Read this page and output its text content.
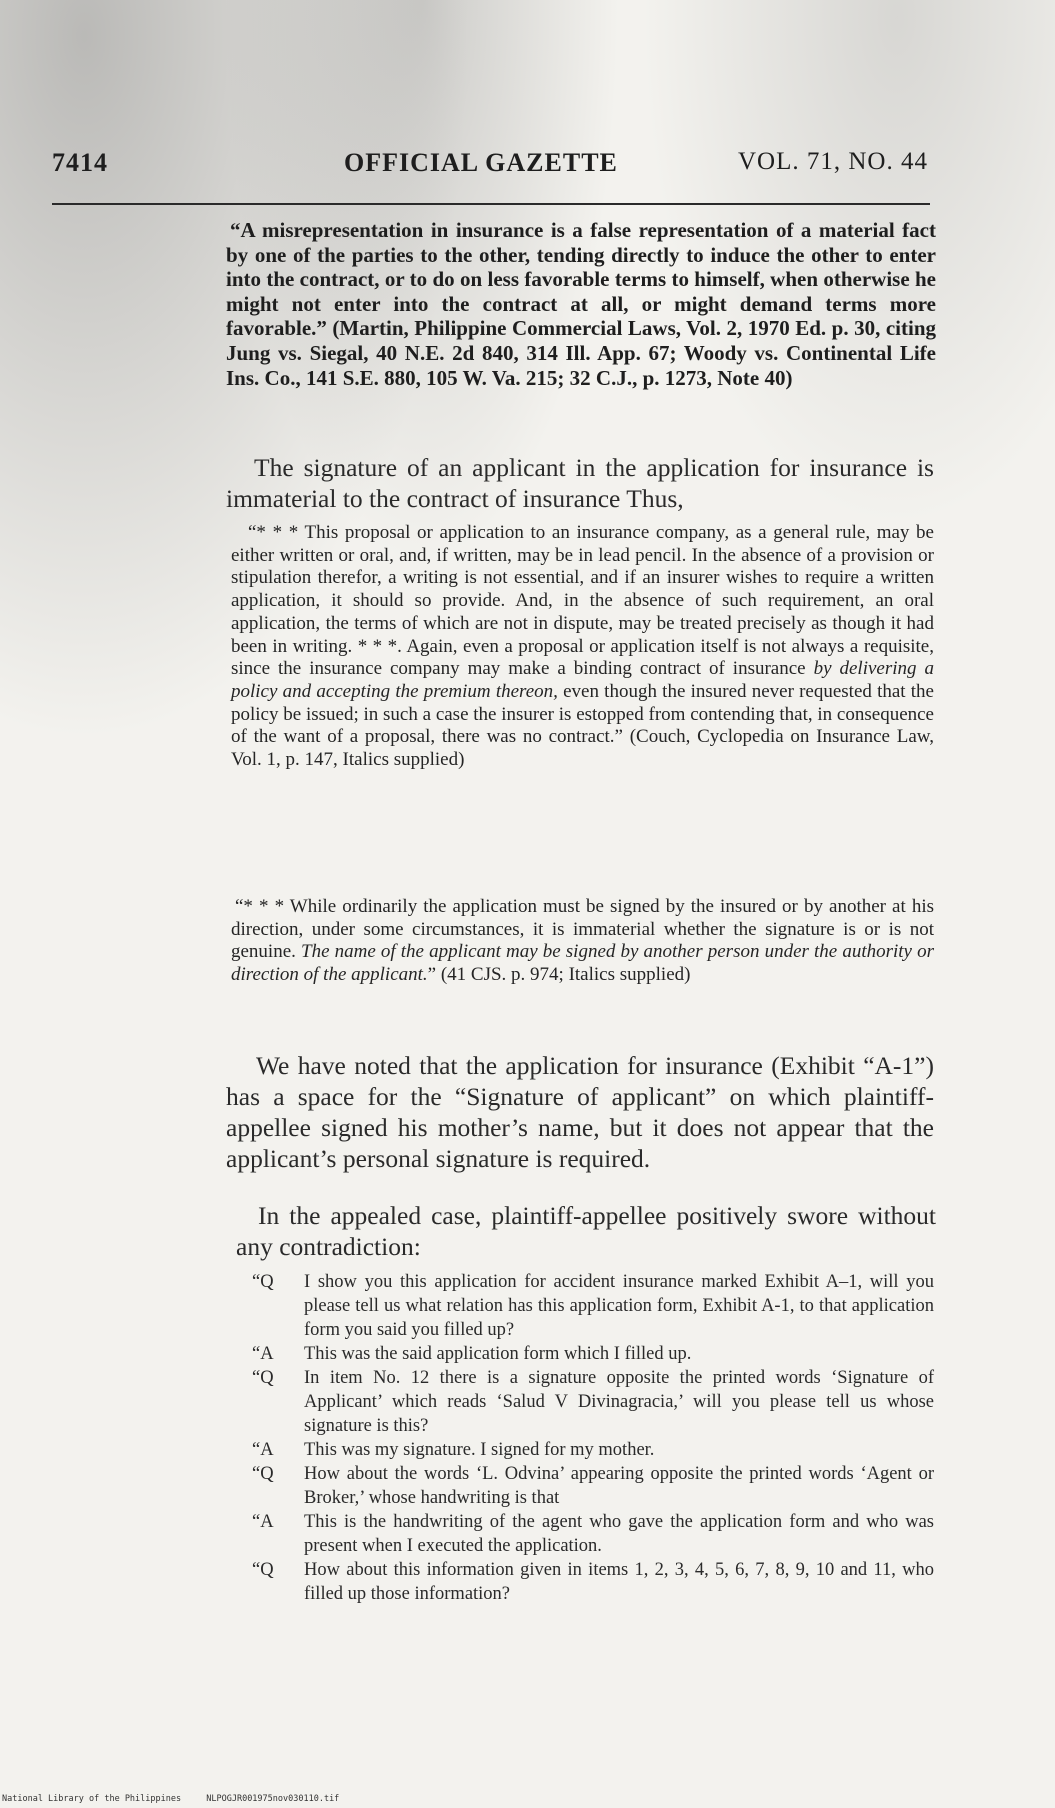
7414	OFFICIAL GAZETTE	VOL. 71, NO. 44
“A misrepresentation in insurance is a false representation of a material fact by one of the parties to the other, tending directly to induce the other to enter into the contract, or to do on less favorable terms to himself, when otherwise he might not enter into the contract at all, or might demand terms more favorable.” (Martin, Philippine Commercial Laws, Vol. 2, 1970 Ed. p. 30, citing Jung vs. Siegal, 40 N.E. 2d 840, 314 Ill. App. 67; Woody vs. Continental Life Ins. Co., 141 S.E. 880, 105 W. Va. 215; 32 C.J., p. 1273, Note 40)
The signature of an applicant in the application for insurance is immaterial to the contract of insurance Thus,
“* * * This proposal or application to an insurance company, as a general rule, may be either written or oral, and, if written, may be in lead pencil. In the absence of a provision or stipulation therefor, a writing is not essential, and if an insurer wishes to require a written application, it should so provide. And, in the absence of such requirement, an oral application, the terms of which are not in dispute, may be treated precisely as though it had been in writing. * * *. Again, even a proposal or application itself is not always a requisite, since the insurance company may make a binding contract of insurance by delivering a policy and accepting the premium thereon, even though the insured never requested that the policy be issued; in such a case the insurer is estopped from contending that, in consequence of the want of a proposal, there was no contract.” (Couch, Cyclopedia on Insurance Law, Vol. 1, p. 147, Italics supplied)
“* * * While ordinarily the application must be signed by the insured or by another at his direction, under some circumstances, it is immaterial whether the signature is or is not genuine. The name of the applicant may be signed by another person under the authority or direction of the applicant.” (41 CJS. p. 974; Italics supplied)
We have noted that the application for insurance (Exhibit “A-1”) has a space for the “Signature of applicant” on which plaintiff-appellee signed his mother’s name, but it does not appear that the applicant’s personal signature is required.
In the appealed case, plaintiff-appellee positively swore without any contradiction:
“Q	I show you this application for accident insurance marked Exhibit A–1, will you please tell us what relation has this application form, Exhibit A-1, to that application form you said you filled up?
“A	This was the said application form which I filled up.
“Q	In item No. 12 there is a signature opposite the printed words ‘Signature of Applicant’ which reads ‘Salud V Divinagracia,’ will you please tell us whose signature is this?
“A	This was my signature. I signed for my mother.
“Q	How about the words ‘L. Odvina’ appearing opposite the printed words ‘Agent or Broker,’ whose handwriting is that
“A	This is the handwriting of the agent who gave the application form and who was present when I executed the application.
“Q	How about this information given in items 1, 2, 3, 4, 5, 6, 7, 8, 9, 10 and 11, who filled up those information?
National Library of the Philippines	NLPOGJR001975nov030110.tif
